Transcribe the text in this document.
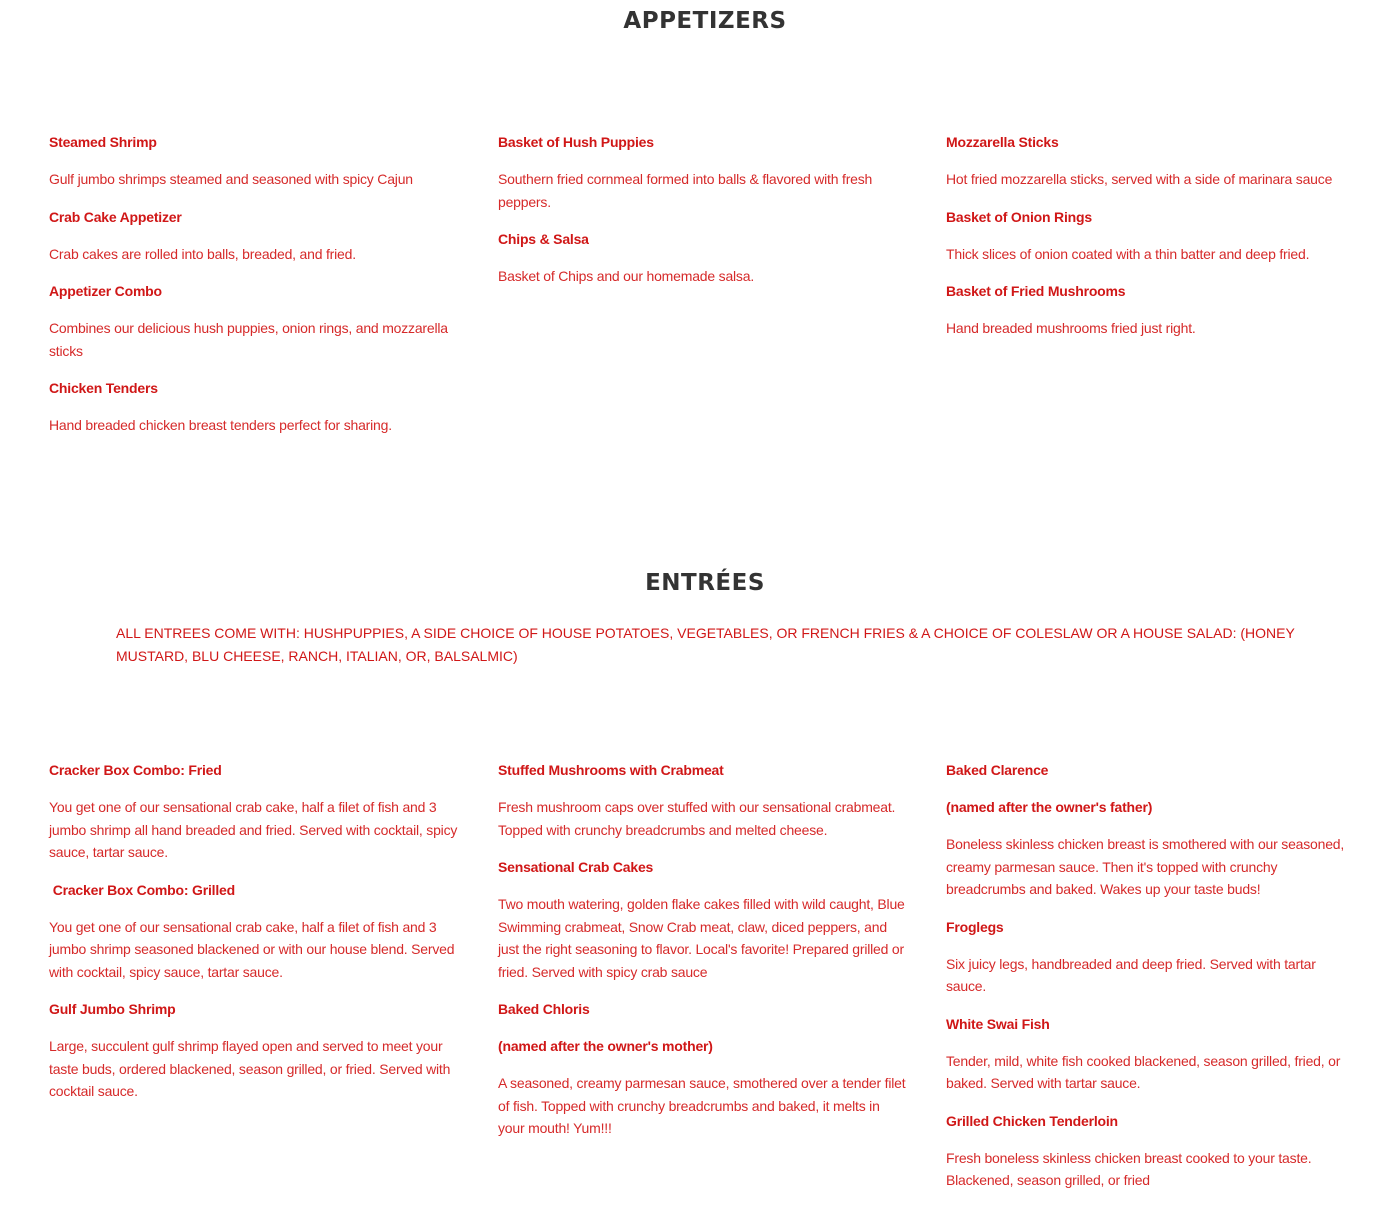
APPETIZERS

Steamed Shrimp

Gulf jumbo shrimps steamed and seasoned with spicy Cajun

Crab Cake Appetizer

Crab cakes are rolled into balls, breaded, and fried.

Appetizer Combo

Combines our delicious hush puppies, onion rings, and mozzarella sticks

Chicken Tenders

Hand breaded chicken breast tenders perfect for sharing.

Basket of Hush Puppies

Southern fried cornmeal formed into balls & flavored with fresh peppers.

Chips & Salsa

Basket of Chips and our homemade salsa.

Mozzarella Sticks

Hot fried mozzarella sticks, served with a side of marinara sauce

Basket of Onion Rings

Thick slices of onion coated with a thin batter and deep fried.

Basket of Fried Mushrooms

Hand breaded mushrooms fried just right.

ENTRÉES

ALL ENTREES COME WITH: HUSHPUPPIES, A SIDE CHOICE OF HOUSE POTATOES, VEGETABLES, OR FRENCH FRIES & A CHOICE OF COLESLAW OR A HOUSE SALAD: (HONEY MUSTARD, BLU CHEESE, RANCH, ITALIAN, OR, BALSALMIC)

Cracker Box Combo: Fried

You get one of our sensational crab cake, half a filet of fish and 3 jumbo shrimp all hand breaded and fried. Served with cocktail, spicy sauce, tartar sauce.

Cracker Box Combo: Grilled

You get one of our sensational crab cake, half a filet of fish and 3 jumbo shrimp seasoned blackened or with our house blend. Served with cocktail, spicy sauce, tartar sauce.

Gulf Jumbo Shrimp

Large, succulent gulf shrimp flayed open and served to meet your taste buds, ordered blackened, season grilled, or fried. Served with cocktail sauce.

Stuffed Mushrooms with Crabmeat

Fresh mushroom caps over stuffed with our sensational crabmeat. Topped with crunchy breadcrumbs and melted cheese.

Sensational Crab Cakes

Two mouth watering, golden flake cakes filled with wild caught, Blue Swimming crabmeat, Snow Crab meat, claw, diced peppers, and just the right seasoning to flavor. Local's favorite! Prepared grilled or fried. Served with spicy crab sauce

Baked Chloris

(named after the owner's mother)

A seasoned, creamy parmesan sauce, smothered over a tender filet of fish. Topped with crunchy breadcrumbs and baked, it melts in your mouth! Yum!!!

Baked Clarence

(named after the owner's father)

Boneless skinless chicken breast is smothered with our seasoned, creamy parmesan sauce. Then it's topped with crunchy breadcrumbs and baked. Wakes up your taste buds!

Froglegs

Six juicy legs, handbreaded and deep fried. Served with tartar sauce.

White Swai Fish

Tender, mild, white fish cooked blackened, season grilled, fried, or baked. Served with tartar sauce.

Grilled Chicken Tenderloin

Fresh boneless skinless chicken breast cooked to your taste. Blackened, season grilled, or fried
